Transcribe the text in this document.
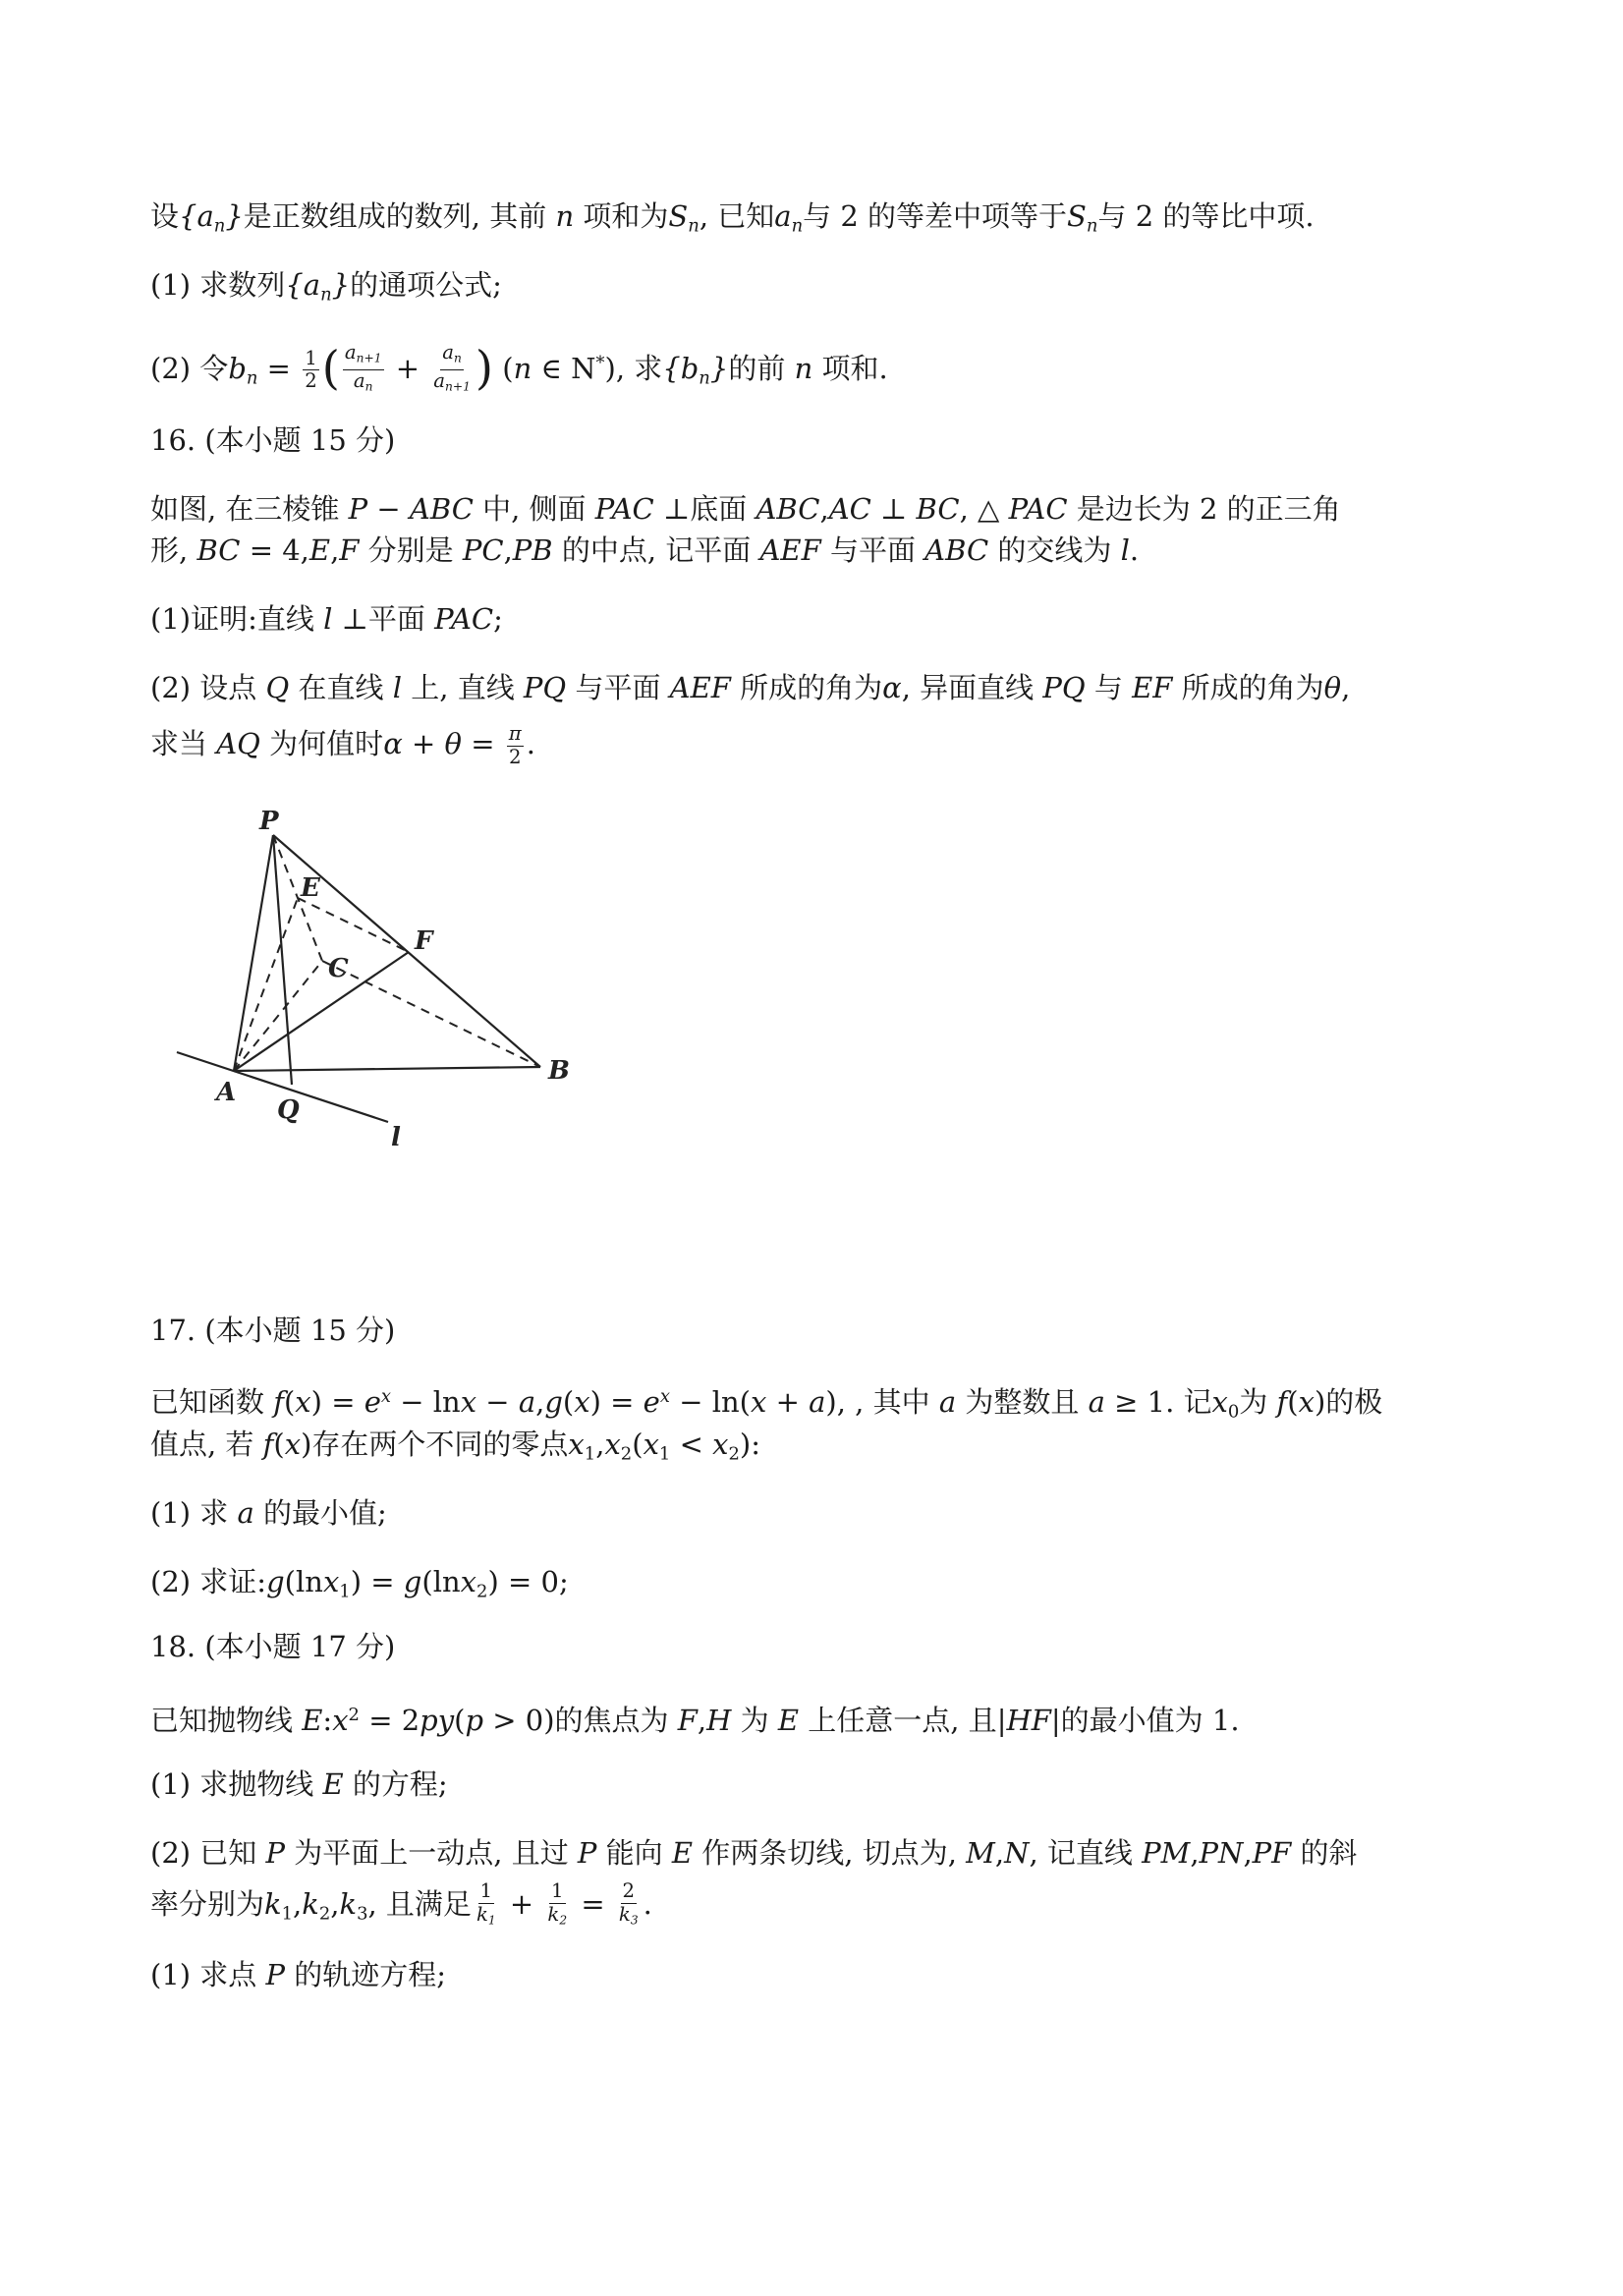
设$\{a_n\}$是正数组成的数列, 其前 n 项和为$S_n$, 已知$a_n$与 2 的等差中项等于$S_n$与 2 的等比中项.
(1) 求数列$\{a_n\}$的通项公式;
(2) 令$b_n = \frac{1}{2}$ ( $\frac{a_{n+1}}{a_n} + \frac{a_n}{a_{n+1}}$ ) (n ∈ N*), 求$\{b_n\}$的前 n 项和.
16. (本小题 15 分)
如图, 在三棱锥 P − ABC 中, 侧面 PAC ⊥底面 ABC,AC ⊥ BC, △ PAC 是边长为 2 的正三角
形, BC = 4,E,F 分别是 PC,PB 的中点, 记平面 AEF 与平面 ABC 的交线为 l.
(1)证明:直线 l ⊥平面 PAC;
(2) 设点 Q 在直线 l 上, 直线 PQ 与平面 AEF 所成的角为α, 异面直线 PQ 与 EF 所成的角为θ,
求当 AQ 为何值时$\alpha + \theta = \frac{\pi}{2}$ .
P
E
F
C
A
B
Q
l
17. (本小题 15 分)
已知函数 $f(x) = e^x - \ln x - a,g(x) = e^x - \ln(x + a)$, , 其中 a 为整数且 a ≥ 1. 记$x_0$为 f(x)的极
值点, 若 f(x)存在两个不同的零点$x_1,x_2(x_1 < x_2)$:
(1) 求 a 的最小值;
(2) 求证:g(lnx$_1$) = g(lnx$_2$) = 0;
18. (本小题 17 分)
已知抛物线 $E:x^2 = 2py(p > 0)$的焦点为 F,H 为 E 上任意一点, 且|HF|的最小值为 1.
(1) 求抛物线 E 的方程;
(2) 已知 P 为平面上一动点, 且过 P 能向 E 作两条切线, 切点为, M,N, 记直线 PM,PN,PF 的斜
率分别为$k_1,k_2,k_3$, 且满足 $\frac{1}{k_1} + \frac{1}{k_2} = \frac{2}{k_3}$ .
(1) 求点 P 的轨迹方程;
